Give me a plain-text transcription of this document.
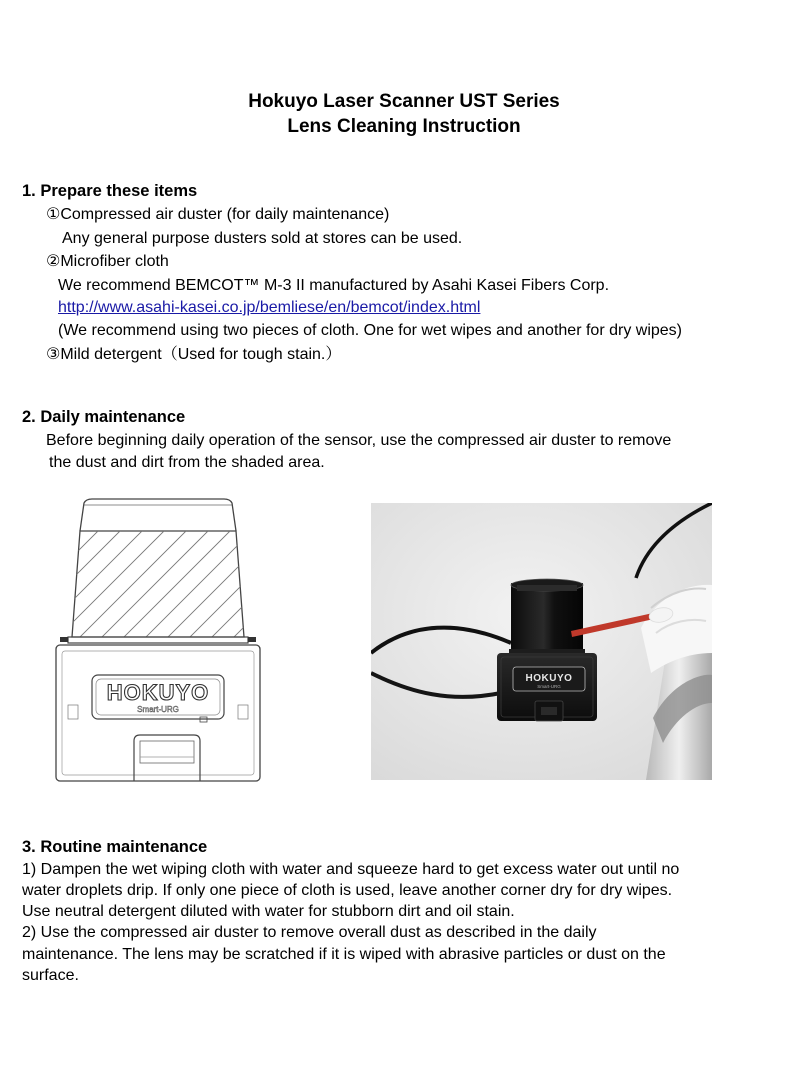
Hokuyo Laser Scanner UST Series
Lens Cleaning Instruction
1. Prepare these items
①Compressed air duster (for daily maintenance)
Any general purpose dusters sold at stores can be used.
②Microfiber cloth
We recommend BEMCOT™ M-3 II manufactured by Asahi Kasei Fibers Corp.
http://www.asahi-kasei.co.jp/bemliese/en/bemcot/index.html
(We recommend using two pieces of cloth. One for wet wipes and another for dry wipes)
③Mild detergent（Used for tough stain.）
2. Daily maintenance
Before beginning daily operation of the sensor, use the compressed air duster to remove
the dust and dirt from the shaded area.
HOKUYO
Smart-URG
HOKUYO
Smart-URG
3. Routine maintenance
1) Dampen the wet wiping cloth with water and squeeze hard to get excess water out until no
water droplets drip. If only one piece of cloth is used, leave another corner dry for dry wipes.
Use neutral detergent diluted with water for stubborn dirt and oil stain.
2) Use the compressed air duster to remove overall dust as described in the daily
maintenance. The lens may be scratched if it is wiped with abrasive particles or dust on the
surface.
